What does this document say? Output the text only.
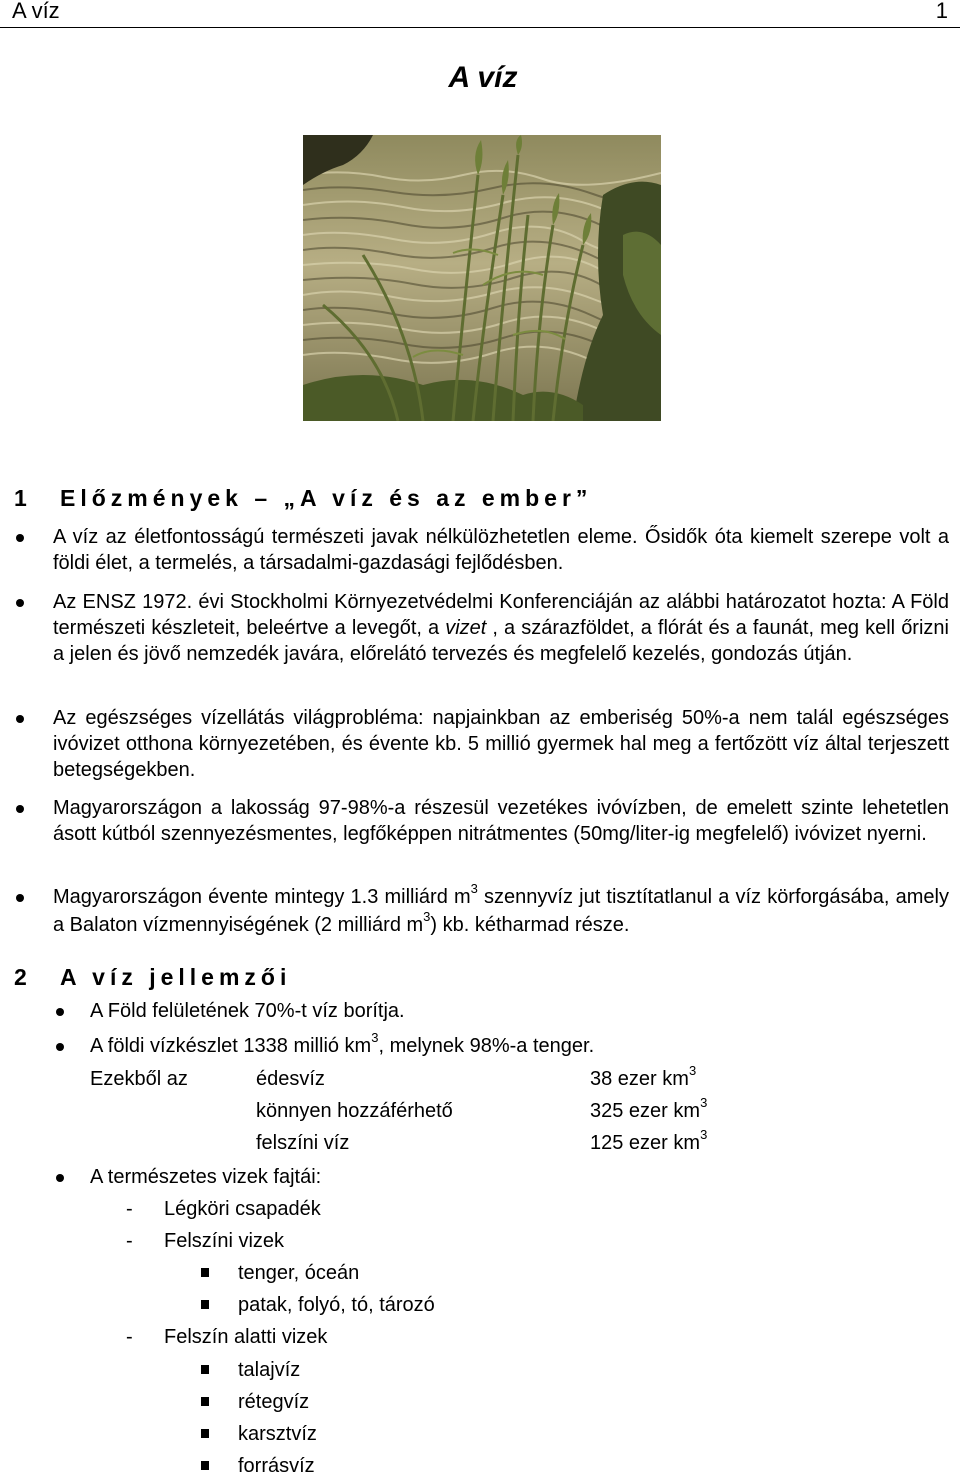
A víz	1
A víz
1 Előzmények – „A víz és az ember”
A víz az életfontosságú természeti javak nélkülözhetetlen eleme. Ősidők óta kiemelt szerepe volt a földi élet, a termelés, a társadalmi-gazdasági fejlődésben.
Az ENSZ 1972. évi Stockholmi Környezetvédelmi Konferenciáján az alábbi határozatot hozta: A Föld természeti készleteit, beleértve a levegőt, a vizet , a szárazföldet, a flórát és a faunát, meg kell őrizni a jelen és jövő nemzedék javára, előrelátó tervezés és megfelelő kezelés, gondozás útján.
Az egészséges vízellátás világprobléma: napjainkban az emberiség 50%-a nem talál egészséges ivóvizet otthona környezetében, és évente kb. 5 millió gyermek hal meg a fertőzött víz által terjeszett betegségekben.
Magyarországon a lakosság 97-98%-a részesül vezetékes ivóvízben, de emelett szinte lehetetlen ásott kútból szennyezésmentes, legfőképpen nitrátmentes (50mg/liter-ig megfelelő) ivóvizet nyerni.
Magyarországon évente mintegy 1.3 milliárd $m^3$ szennyvíz jut tisztítatlanul a víz körforgásába, amely a Balaton vízmennyiségének (2 milliárd $m^3$) kb. kétharmad része.
2 A víz jellemzői
A Föld felületének 70%-t víz borítja.
A földi vízkészlet 1338 millió $km^3$, melynek 98%-a tenger.
Ezekből az	édesvíz	38 ezer $km^3$
könnyen hozzáférhető	325 ezer $km^3$
felszíni víz	125 ezer $km^3$
A természetes vizek fajtái:
- Légköri csapadék
- Felszíni vizek
tenger, óceán
patak, folyó, tó, tározó
- Felszín alatti vizek
talajvíz
rétegvíz
karsztvíz
forrásvíz
